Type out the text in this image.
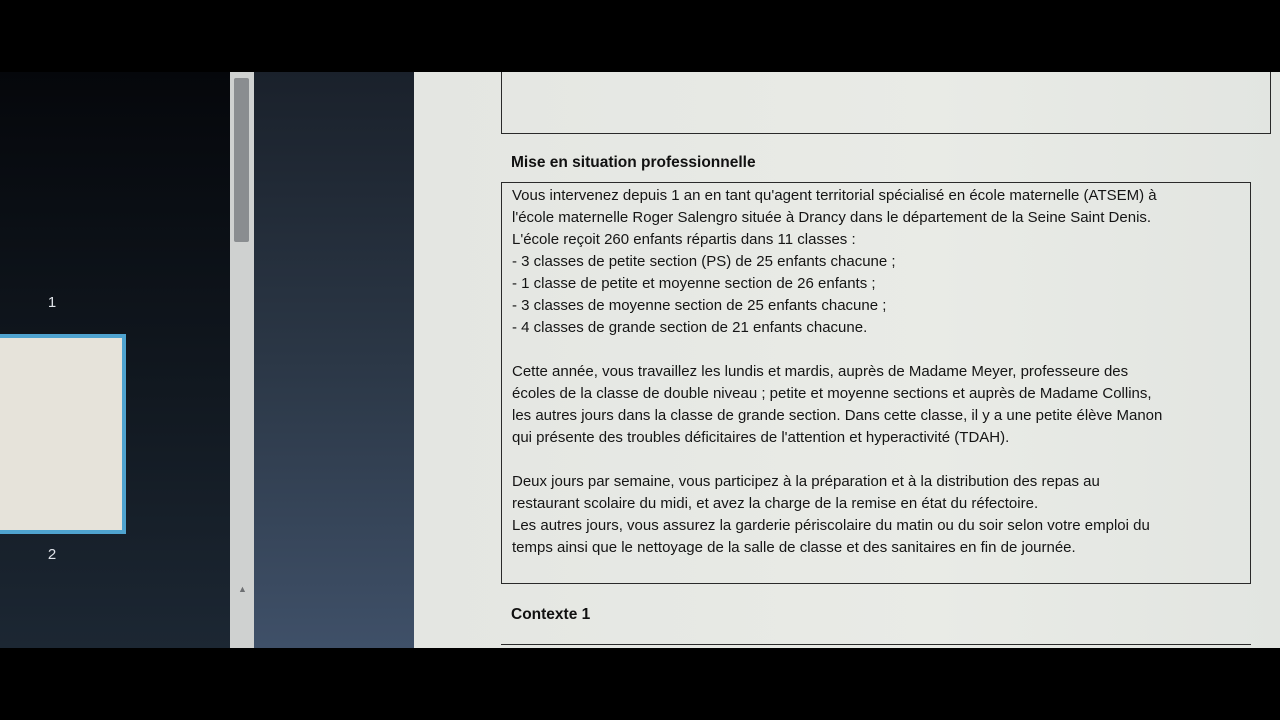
1
2
▲
Mise en situation professionnelle

Vous intervenez depuis 1 an en tant qu'agent territorial spécialisé en école maternelle (ATSEM) à
l'école maternelle Roger Salengro située à Drancy dans le département de la Seine Saint Denis.
L'école reçoit 260 enfants répartis dans 11 classes :
- 3 classes de petite section (PS) de 25 enfants chacune ;
- 1 classe de petite et moyenne section de 26 enfants ;
- 3 classes de moyenne section de 25 enfants chacune ;
- 4 classes de grande section de 21 enfants chacune.

Cette année, vous travaillez les lundis et mardis, auprès de Madame Meyer, professeure des
écoles de la classe de double niveau ; petite et moyenne sections et auprès de Madame Collins,
les autres jours dans la classe de grande section. Dans cette classe, il y a une petite élève Manon
qui présente des troubles déficitaires de l'attention et hyperactivité (TDAH).

Deux jours par semaine, vous participez à la préparation et à la distribution des repas au
restaurant scolaire du midi, et avez la charge de la remise en état du réfectoire.
Les autres jours, vous assurez la garderie périscolaire du matin ou du soir selon votre emploi du
temps ainsi que le nettoyage de la salle de classe et des sanitaires en fin de journée.

Contexte 1
